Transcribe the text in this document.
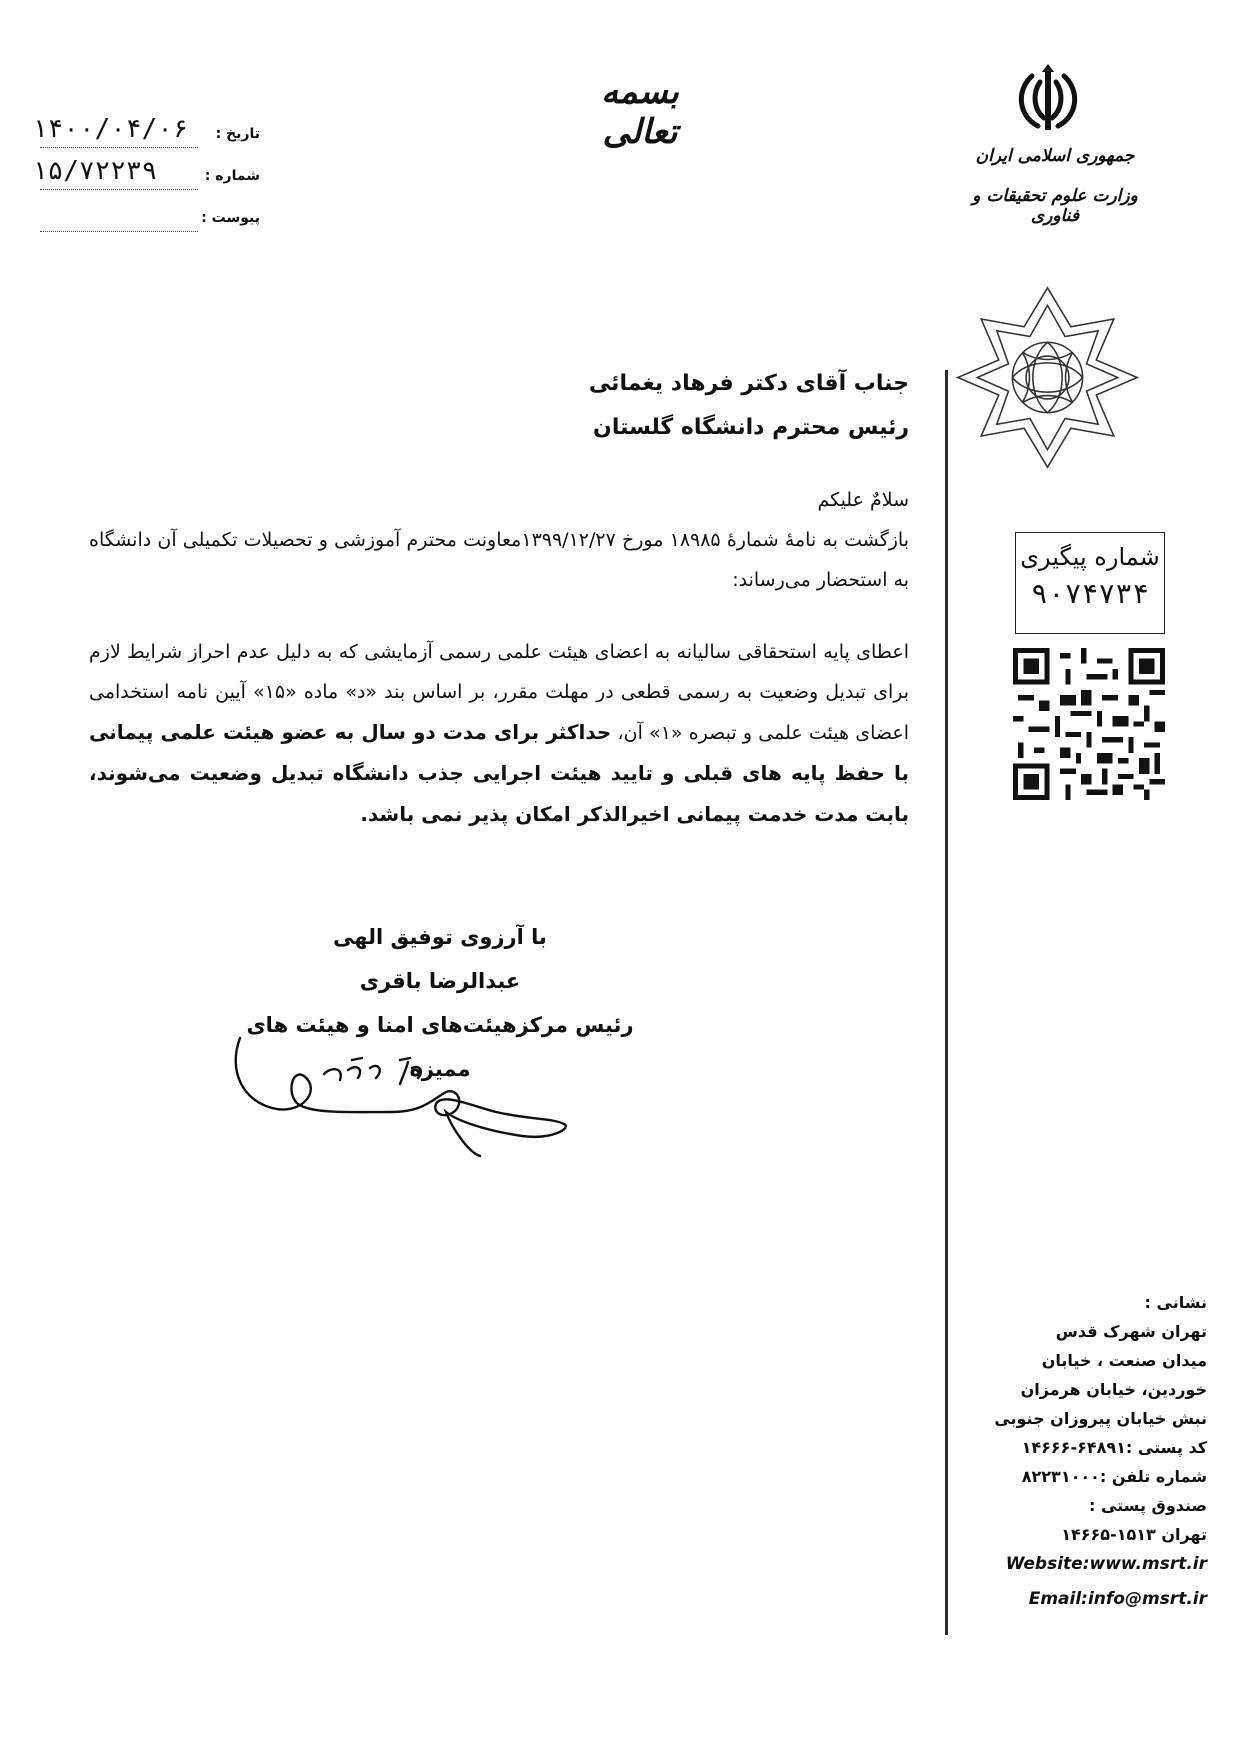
بسمه تعالی
تاریخ :
۱۴۰۰/۰۴/۰۶
شماره :
۱۵/۷۲۲۳۹
پیوست :
جمهوری اسلامی ایران
وزارت علوم تحقیقات و فناوری
شماره پیگیری
۹۰۷۴۷۳۴
جناب آقای دکتر فرهاد یغمائی
رئیس محترم دانشگاه گلستان
سلامٌ علیکم
بازگشت به نامۀ شمارۀ ۱۸۹۸۵ مورخ ۱۳۹۹/۱۲/۲۷معاونت محترم آموزشی و تحصیلات تکمیلی آن دانشگاه به استحضار می‌رساند:
اعطای پایه استحقاقی سالیانه به اعضای هیئت علمی رسمی آزمایشی که به دلیل عدم احراز شرایط لازم برای تبدیل وضعیت به رسمی قطعی در مهلت مقرر، بر اساس بند «د» ماده «۱۵» آیین نامه استخدامی اعضای هیئت علمی و تبصره «۱» آن، حداکثر برای مدت دو سال به عضو هیئت علمی پیمانی با حفظ پایه های قبلی و تایید هیئت اجرایی جذب دانشگاه تبدیل وضعیت می‌شوند، بابت مدت خدمت پیمانی اخیرالذکر امکان پذیر نمی باشد.
با آرزوی توفیق الهی
عبدالرضا باقری
رئیس مرکزهیئت‌های امنا و هیئت های ممیزه
نشانی :
تهران شهرک قدس
میدان صنعت ، خیابان
خوردین، خیابان هرمزان
نبش خیابان پیروزان جنوبی
کد پستی :۶۴۸۹۱-۱۴۶۶۶
شماره تلفن :۸۲۲۳۱۰۰۰
صندوق پستی :
تهران ۱۵۱۳-۱۴۶۶۵
Website:www.msrt.ir
Email:info@msrt.ir
